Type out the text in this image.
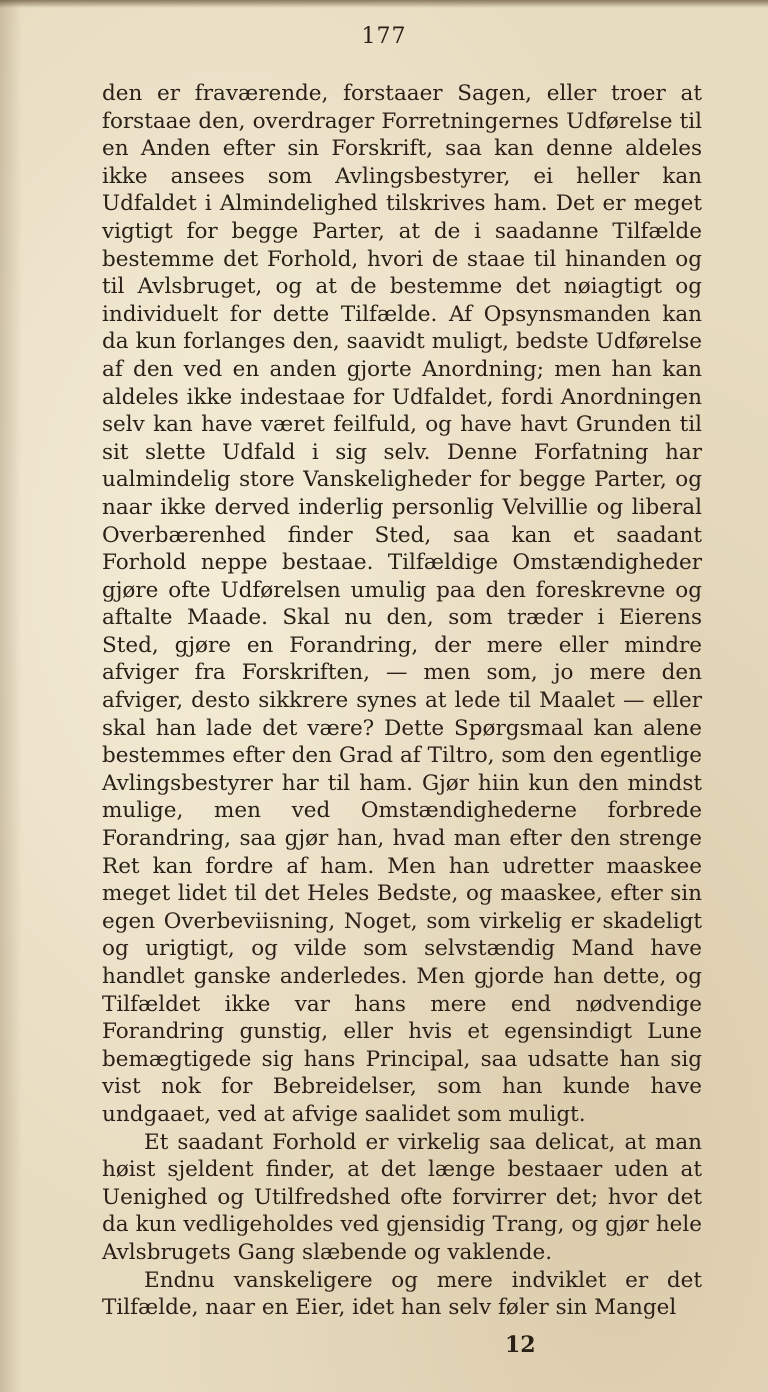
177

den er fraværende, forstaaer Sagen, eller troer at forstaae den, overdrager Forretningernes Udførelse til en Anden efter sin Forskrift, saa kan denne aldeles ikke ansees som Avlingsbestyrer, ei heller kan Udfaldet i Almindelighed tilskrives ham. Det er meget vigtigt for begge Parter, at de i saadanne Tilfælde bestemme det Forhold, hvori de staae til hinanden og til Avlsbruget, og at de bestemme det nøiagtigt og individuelt for dette Tilfælde. Af Opsynsmanden kan da kun forlanges den, saavidt muligt, bedste Udførelse af den ved en anden gjorte Anordning; men han kan aldeles ikke indestaae for Udfaldet, fordi Anordningen selv kan have været feilfuld, og have havt Grunden til sit slette Udfald i sig selv. Denne Forfatning har ualmindelig store Vanskeligheder for begge Parter, og naar ikke derved inderlig personlig Velvillie og liberal Overbærenhed finder Sted, saa kan et saadant Forhold neppe bestaae. Tilfældige Omstændigheder gjøre ofte Udførelsen umulig paa den foreskrevne og aftalte Maade. Skal nu den, som træder i Eierens Sted, gjøre en Forandring, der mere eller mindre afviger fra Forskriften, — men som, jo mere den afviger, desto sikkrere synes at lede til Maalet — eller skal han lade det være? Dette Spørgsmaal kan alene bestemmes efter den Grad af Tiltro, som den egentlige Avlingsbestyrer har til ham. Gjør hiin kun den mindst mulige, men ved Omstændighederne forbrede Forandring, saa gjør han, hvad man efter den strenge Ret kan fordre af ham. Men han udretter maaskee meget lidet til det Heles Bedste, og maaskee, efter sin egen Overbeviisning, Noget, som virkelig er skadeligt og urigtigt, og vilde som selvstændig Mand have handlet ganske anderledes. Men gjorde han dette, og Tilfældet ikke var hans mere end nødvendige Forandring gunstig, eller hvis et egensindigt Lune bemægtigede sig hans Principal, saa udsatte han sig vist nok for Bebreidelser, som han kunde have undgaaet, ved at afvige saalidet som muligt.

Et saadant Forhold er virkelig saa delicat, at man høist sjeldent finder, at det længe bestaaer uden at Uenighed og Utilfredshed ofte forvirrer det; hvor det da kun vedligeholdes ved gjensidig Trang, og gjør hele Avlsbrugets Gang slæbende og vaklende.

Endnu vanskeligere og mere indviklet er det Tilfælde, naar en Eier, idet han selv føler sin Mangel

12
